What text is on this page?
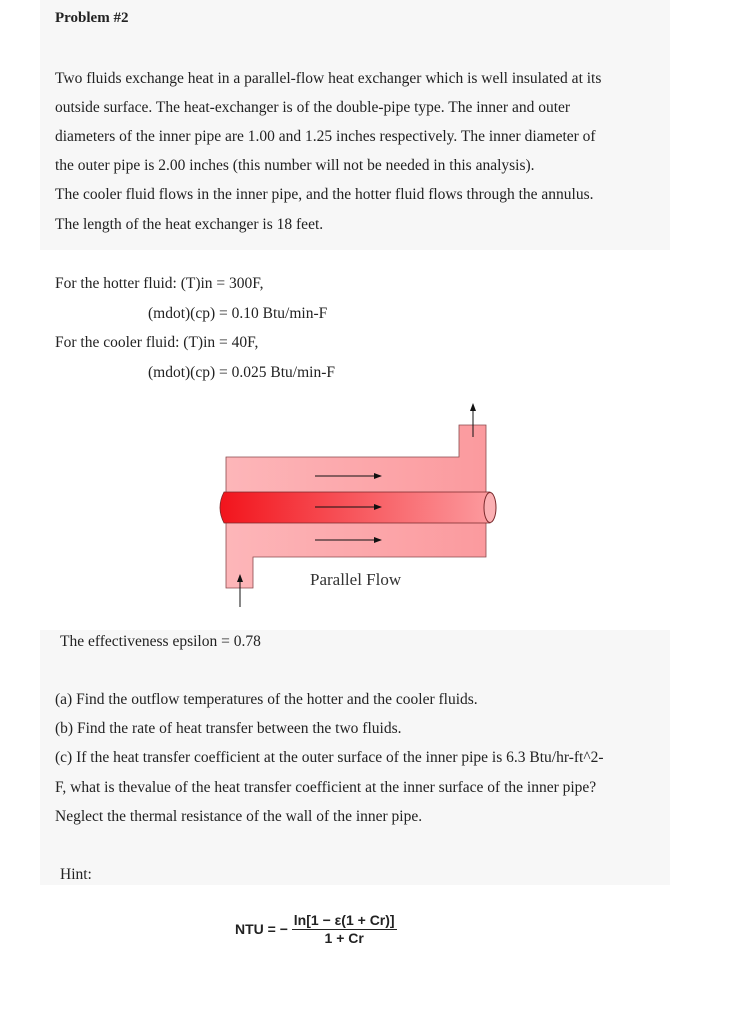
Problem #2
Two fluids exchange heat in a parallel-flow heat exchanger which is well insulated at its
outside surface. The heat-exchanger is of the double-pipe type. The inner and outer
diameters of the inner pipe are 1.00 and 1.25 inches respectively. The inner diameter of
the outer pipe is 2.00 inches (this number will not be needed in this analysis).
The cooler fluid flows in the inner pipe, and the hotter fluid flows through the annulus.
The length of the heat exchanger is 18 feet.
For the hotter fluid: (T)in = 300F,
(mdot)(cp) = 0.10 Btu/min-F
For the cooler fluid: (T)in = 40F,
(mdot)(cp) = 0.025 Btu/min-F
Parallel Flow
The effectiveness epsilon = 0.78
(a) Find the outflow temperatures of the hotter and the cooler fluids.
(b) Find the rate of heat transfer between the two fluids.
(c) If the heat transfer coefficient at the outer surface of the inner pipe is 6.3 Btu/hr-ft^2-
F, what is thevalue of the heat transfer coefficient at the inner surface of the inner pipe?
Neglect the thermal resistance of the wall of the inner pipe.
Hint:
NTU = − $\frac{\ln[1 - \varepsilon(1 + Cr)]}{1 + Cr}$
